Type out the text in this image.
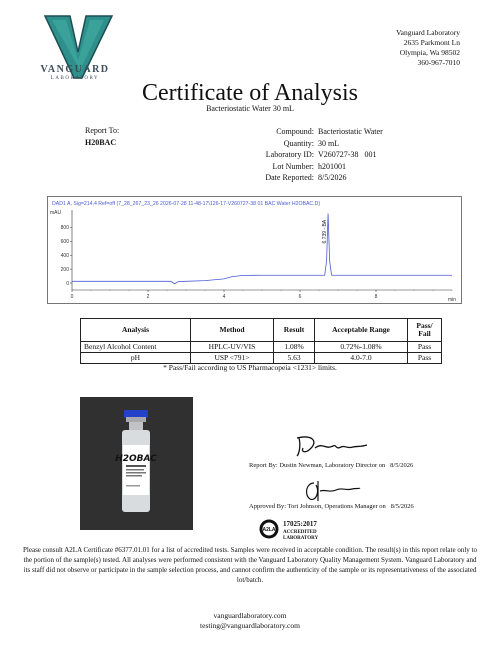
VANGUARD
LABORATORY
Vanguard Laboratory
2635 Parkmont Ln
Olympia, Wa 98502
360-967-7010
Certificate of Analysis
Bacteriostatic Water 30 mL
Report To:
H20BAC
Compound: Bacteriostatic Water
Quantity: 30 mL
Laboratory ID: V260727-38   001
Lot Number: h201001
Date Reported: 8/5/2026
DAD1 A, Sig=214,4 Ref=off (7_28_267_23_26 2026-07-28 11-48-17\126-17-V260727-38 01 BAC Water H2OBAC.D)
mAU
min
0
200
400
600
800
0	2	4	6	8
6.739 - BA
Analysis	Method	Result	Acceptable Range	Pass/
Fail
Benzyl Alcohol Content	HPLC-UV/VIS	1.08%	0.72%-1.08%	Pass
pH	USP <791>	5.63	4.0-7.0	Pass
* Pass/Fail according to US Pharmacopeia <1231> limits.
H2OBAC
Report By: Dustin Newman, Laboratory Director on   8/5/2026
Approved By: Tori Johnson, Operations Manager on   8/5/2026
A2LA
17025:2017
ACCREDITED
LABORATORY
Please consult A2LA Certificate #6377.01.01 for a list of accredited tests. Samples were received in acceptable condition. The result(s) in this report relate only to the portion of the sample(s) tested. All analyses were performed consistent with the Vanguard Laboratory Quality Management System. Vanguard Laboratory and its staff did not observe or participate in the sample selection process, and cannot confirm the authenticity of the sample or its representativeness of the associated lot/batch.
vanguardlaboratory.com
testing@vanguardlaboratory.com
